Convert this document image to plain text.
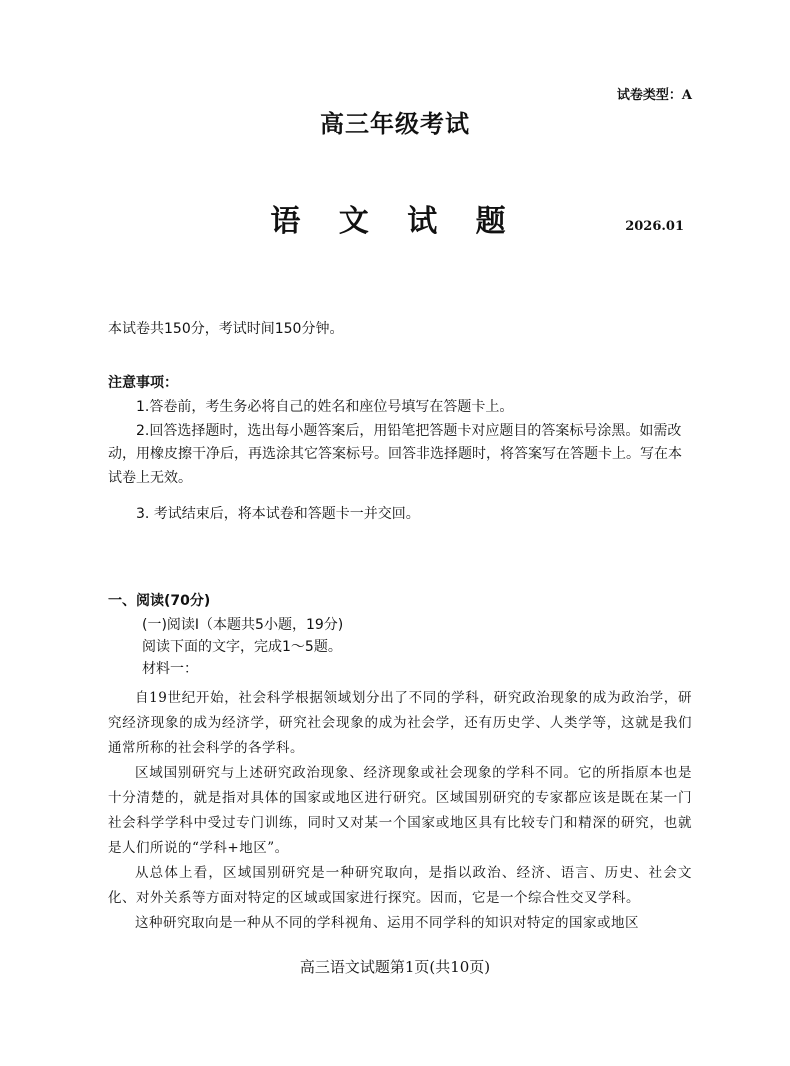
试卷类型：A
高三年级考试
语 文 试 题	2026.01
本试卷共150分，考试时间150分钟。
注意事项：

1.答卷前，考生务必将自己的姓名和座位号填写在答题卡上。

2.回答选择题时，选出每小题答案后，用铅笔把答题卡对应题目的答案标号涂黑。如需改动，用橡皮擦干净后，再选涂其它答案标号。回答非选择题时，将答案写在答题卡上。写在本试卷上无效。

3. 考试结束后，将本试卷和答题卡一并交回。

一、阅读(70分)
(一)阅读I（本题共5小题，19分)
阅读下面的文字，完成1～5题。
材料一：

自19世纪开始，社会科学根据领域划分出了不同的学科，研究政治现象的成为政治学，研究经济现象的成为经济学，研究社会现象的成为社会学，还有历史学、人类学等，这就是我们通常所称的社会科学的各学科。

区域国别研究与上述研究政治现象、经济现象或社会现象的学科不同。它的所指原本也是十分清楚的，就是指对具体的国家或地区进行研究。区域国别研究的专家都应该是既在某一门社会科学学科中受过专门训练，同时又对某一个国家或地区具有比较专门和精深的研究，也就是人们所说的“学科+地区”。

从总体上看，区域国别研究是一种研究取向，是指以政治、经济、语言、历史、社会文化、对外关系等方面对特定的区域或国家进行探究。因而，它是一个综合性交叉学科。

这种研究取向是一种从不同的学科视角、运用不同学科的知识对特定的国家或地区

高三语文试题第1页(共10页)
